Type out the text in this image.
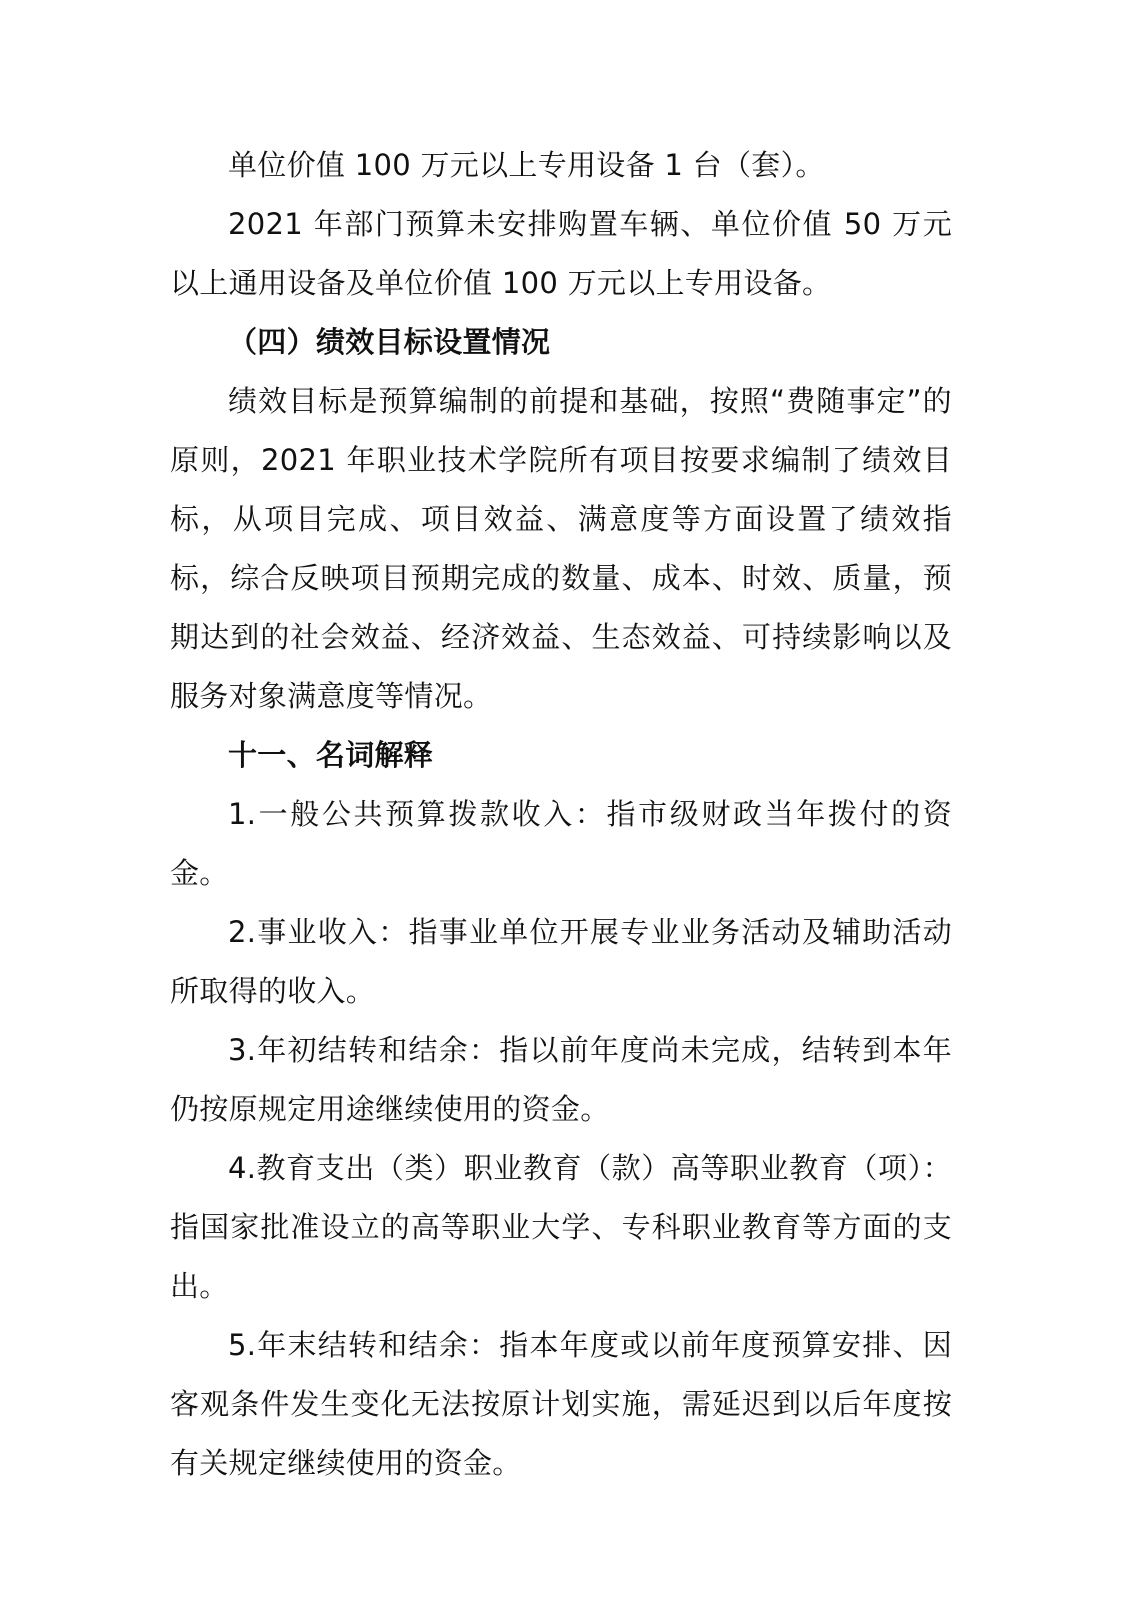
单位价值 100 万元以上专用设备 1 台（套）。

2021 年部门预算未安排购置车辆、单位价值 50 万元以上通用设备及单位价值 100 万元以上专用设备。

（四）绩效目标设置情况

绩效目标是预算编制的前提和基础，按照“费随事定”的原则，2021 年职业技术学院所有项目按要求编制了绩效目标，从项目完成、项目效益、满意度等方面设置了绩效指标，综合反映项目预期完成的数量、成本、时效、质量，预期达到的社会效益、经济效益、生态效益、可持续影响以及服务对象满意度等情况。

十一、名词解释

1.一般公共预算拨款收入：指市级财政当年拨付的资金。

2.事业收入：指事业单位开展专业业务活动及辅助活动所取得的收入。

3.年初结转和结余：指以前年度尚未完成，结转到本年仍按原规定用途继续使用的资金。

4.教育支出（类）职业教育（款）高等职业教育（项）：指国家批准设立的高等职业大学、专科职业教育等方面的支出。

5.年末结转和结余：指本年度或以前年度预算安排、因客观条件发生变化无法按原计划实施，需延迟到以后年度按有关规定继续使用的资金。
